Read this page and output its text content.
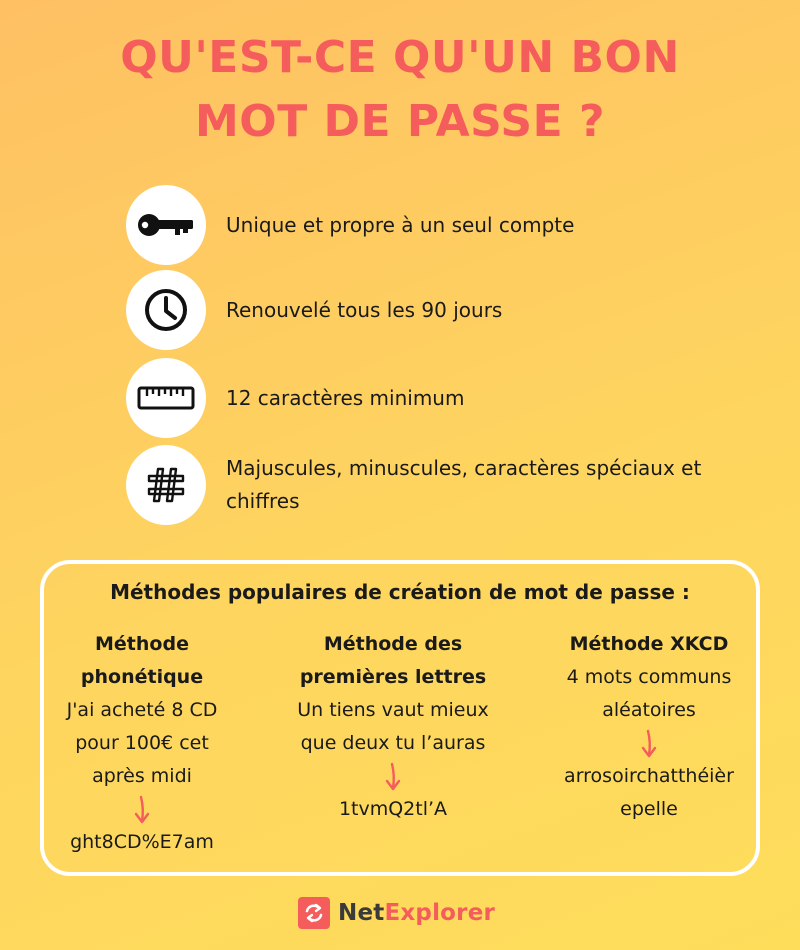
QU'EST-CE QU'UN BON
MOT DE PASSE ?
Unique et propre à un seul compte
Renouvelé tous les 90 jours
12 caractères minimum
Majuscules, minuscules, caractères spéciaux et chiffres
Méthodes populaires de création de mot de passe :
Méthode phonétique
J'ai acheté 8 CD pour 100€ cet après midi
ght8CD%E7am
Méthode des premières lettres
Un tiens vaut mieux que deux tu l’auras
1tvmQ2tl’A
Méthode XKCD
4 mots communs aléatoires
arrosoirchatthéièr epelle
NetExplorer
